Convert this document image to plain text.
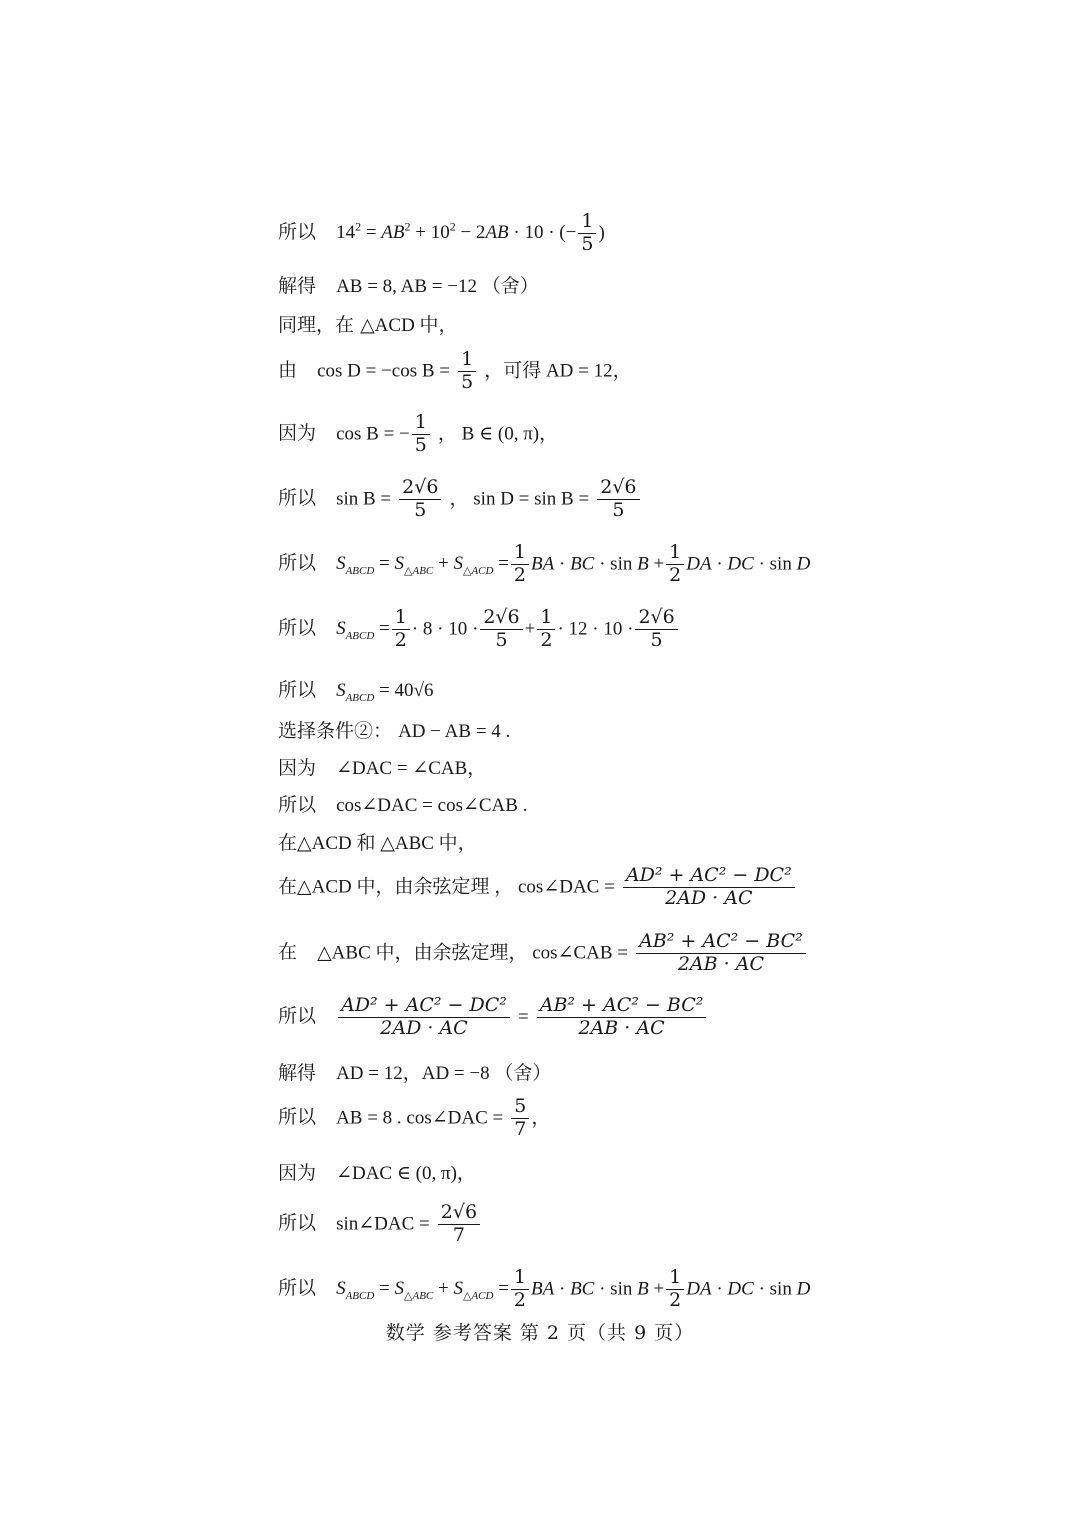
所以 $14^2 = AB^2 + 10^2 - 2AB \cdot 10$ · (− $\frac{1}{5}$ )
解得 AB = 8, AB = −12 （舍）
同理，在 △ACD 中，
由 cos D = −cos $B = \frac{1}{5}$ ，可得 AD = 12，
因为 cos B = − $\frac{1}{5}$ ， B ∈ (0, π)，
所以 $\sin B = \frac{2√6}{5}$ ， $\sin D = \sin B = \frac{2√6}{5}$
所以 $S_{ABCD} = S_{\triangle ABC} + S_{\triangle ACD} = \frac{1}{2}$ BA · BC · $\sin B + \frac{1}{2}$ DA · DC · sin D
所以 $S_{ABCD} = \frac{1}{2} \cdot 8 \cdot 10 \cdot \frac{2√6}{5} + \frac{1}{2} \cdot 12 \cdot 10 \cdot \frac{2√6}{5}$
所以 $S_{ABCD} = 40√6$
选择条件②： AD − AB = 4 .
因为 ∠DAC = ∠CAB，
所以 cos∠DAC = cos∠CAB .
在△ACD 和 △ABC 中，
在△ACD 中，由余弦定理 ， cos∠DAC = $\frac{\text{AD² + AC² − DC²}}{2AD \cdot AC}$
在 △ABC 中，由余弦定理， cos∠CAB = $\frac{\text{AB² + AC² − BC²}}{2AB \cdot AC}$
所以 $\frac{\text{AD² + AC² − DC²}}{2AD \cdot AC} = \frac{\text{AB² + AC² − BC²}}{2AB \cdot AC}$
解得 AD = 12，AD = −8 （舍）
所以 AB = 8 . cos∠DAC = $\frac{5}{7}$ ，
因为 ∠DAC ∈ (0, π)，
所以 sin∠DAC = $\frac{2√6}{7}$
所以 $S_{ABCD} = S_{\triangle ABC} + S_{\triangle ACD} = \frac{1}{2}$ BA · BC · $\sin B + \frac{1}{2}$ DA · DC · sin D
数学 参考答案 第 2 页（共 9 页）
